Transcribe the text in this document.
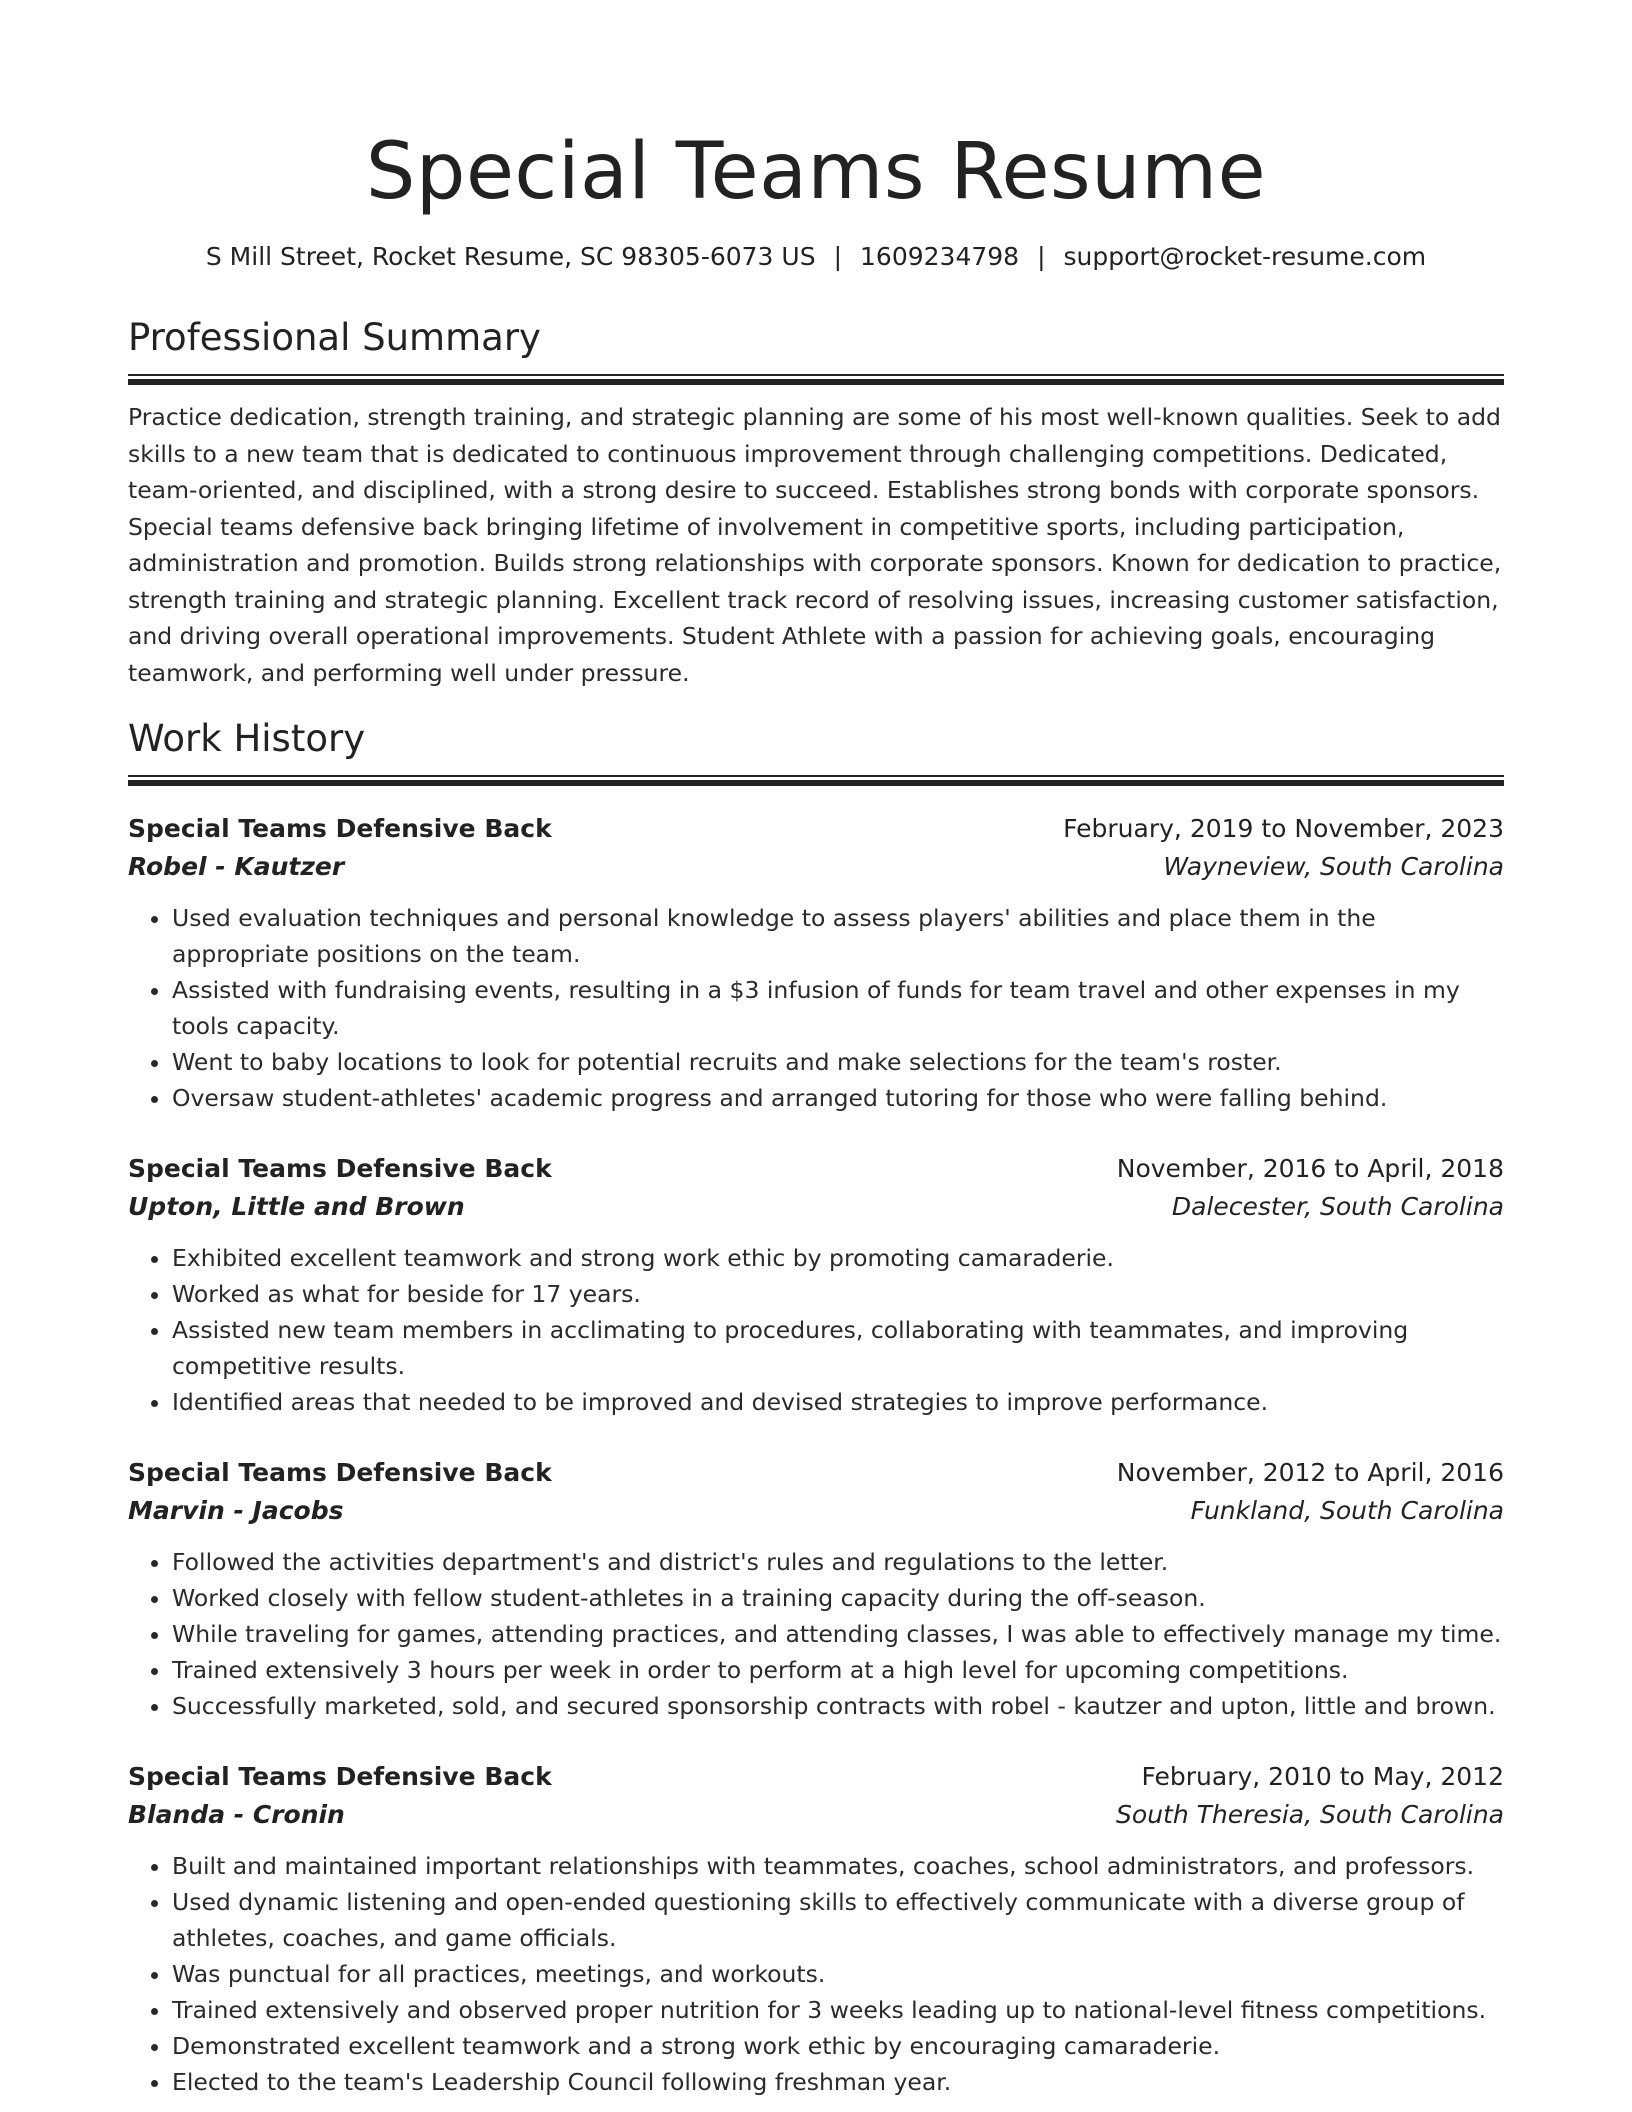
Special Teams Resume
S Mill Street, Rocket Resume, SC 98305-6073 US | 1609234798 | support@rocket-resume.com
Professional Summary

Practice dedication, strength training, and strategic planning are some of his most well-known qualities. Seek to add skills to a new team that is dedicated to continuous improvement through challenging competitions. Dedicated, team-oriented, and disciplined, with a strong desire to succeed. Establishes strong bonds with corporate sponsors. Special teams defensive back bringing lifetime of involvement in competitive sports, including participation, administration and promotion. Builds strong relationships with corporate sponsors. Known for dedication to practice, strength training and strategic planning. Excellent track record of resolving issues, increasing customer satisfaction, and driving overall operational improvements. Student Athlete with a passion for achieving goals, encouraging teamwork, and performing well under pressure.

Work History
Special Teams Defensive Back	February, 2019 to November, 2023
Robel - Kautzer	Wayneview, South Carolina
• Used evaluation techniques and personal knowledge to assess players' abilities and place them in the appropriate positions on the team.
• Assisted with fundraising events, resulting in a $3 infusion of funds for team travel and other expenses in my tools capacity.
• Went to baby locations to look for potential recruits and make selections for the team's roster.
• Oversaw student-athletes' academic progress and arranged tutoring for those who were falling behind.
Special Teams Defensive Back	November, 2016 to April, 2018
Upton, Little and Brown	Dalecester, South Carolina
• Exhibited excellent teamwork and strong work ethic by promoting camaraderie.
• Worked as what for beside for 17 years.
• Assisted new team members in acclimating to procedures, collaborating with teammates, and improving competitive results.
• Identified areas that needed to be improved and devised strategies to improve performance.
Special Teams Defensive Back	November, 2012 to April, 2016
Marvin - Jacobs	Funkland, South Carolina
• Followed the activities department's and district's rules and regulations to the letter.
• Worked closely with fellow student-athletes in a training capacity during the off-season.
• While traveling for games, attending practices, and attending classes, I was able to effectively manage my time.
• Trained extensively 3 hours per week in order to perform at a high level for upcoming competitions.
• Successfully marketed, sold, and secured sponsorship contracts with robel - kautzer and upton, little and brown.
Special Teams Defensive Back	February, 2010 to May, 2012
Blanda - Cronin	South Theresia, South Carolina
• Built and maintained important relationships with teammates, coaches, school administrators, and professors.
• Used dynamic listening and open-ended questioning skills to effectively communicate with a diverse group of athletes, coaches, and game officials.
• Was punctual for all practices, meetings, and workouts.
• Trained extensively and observed proper nutrition for 3 weeks leading up to national-level fitness competitions.
• Demonstrated excellent teamwork and a strong work ethic by encouraging camaraderie.
• Elected to the team's Leadership Council following freshman year.
